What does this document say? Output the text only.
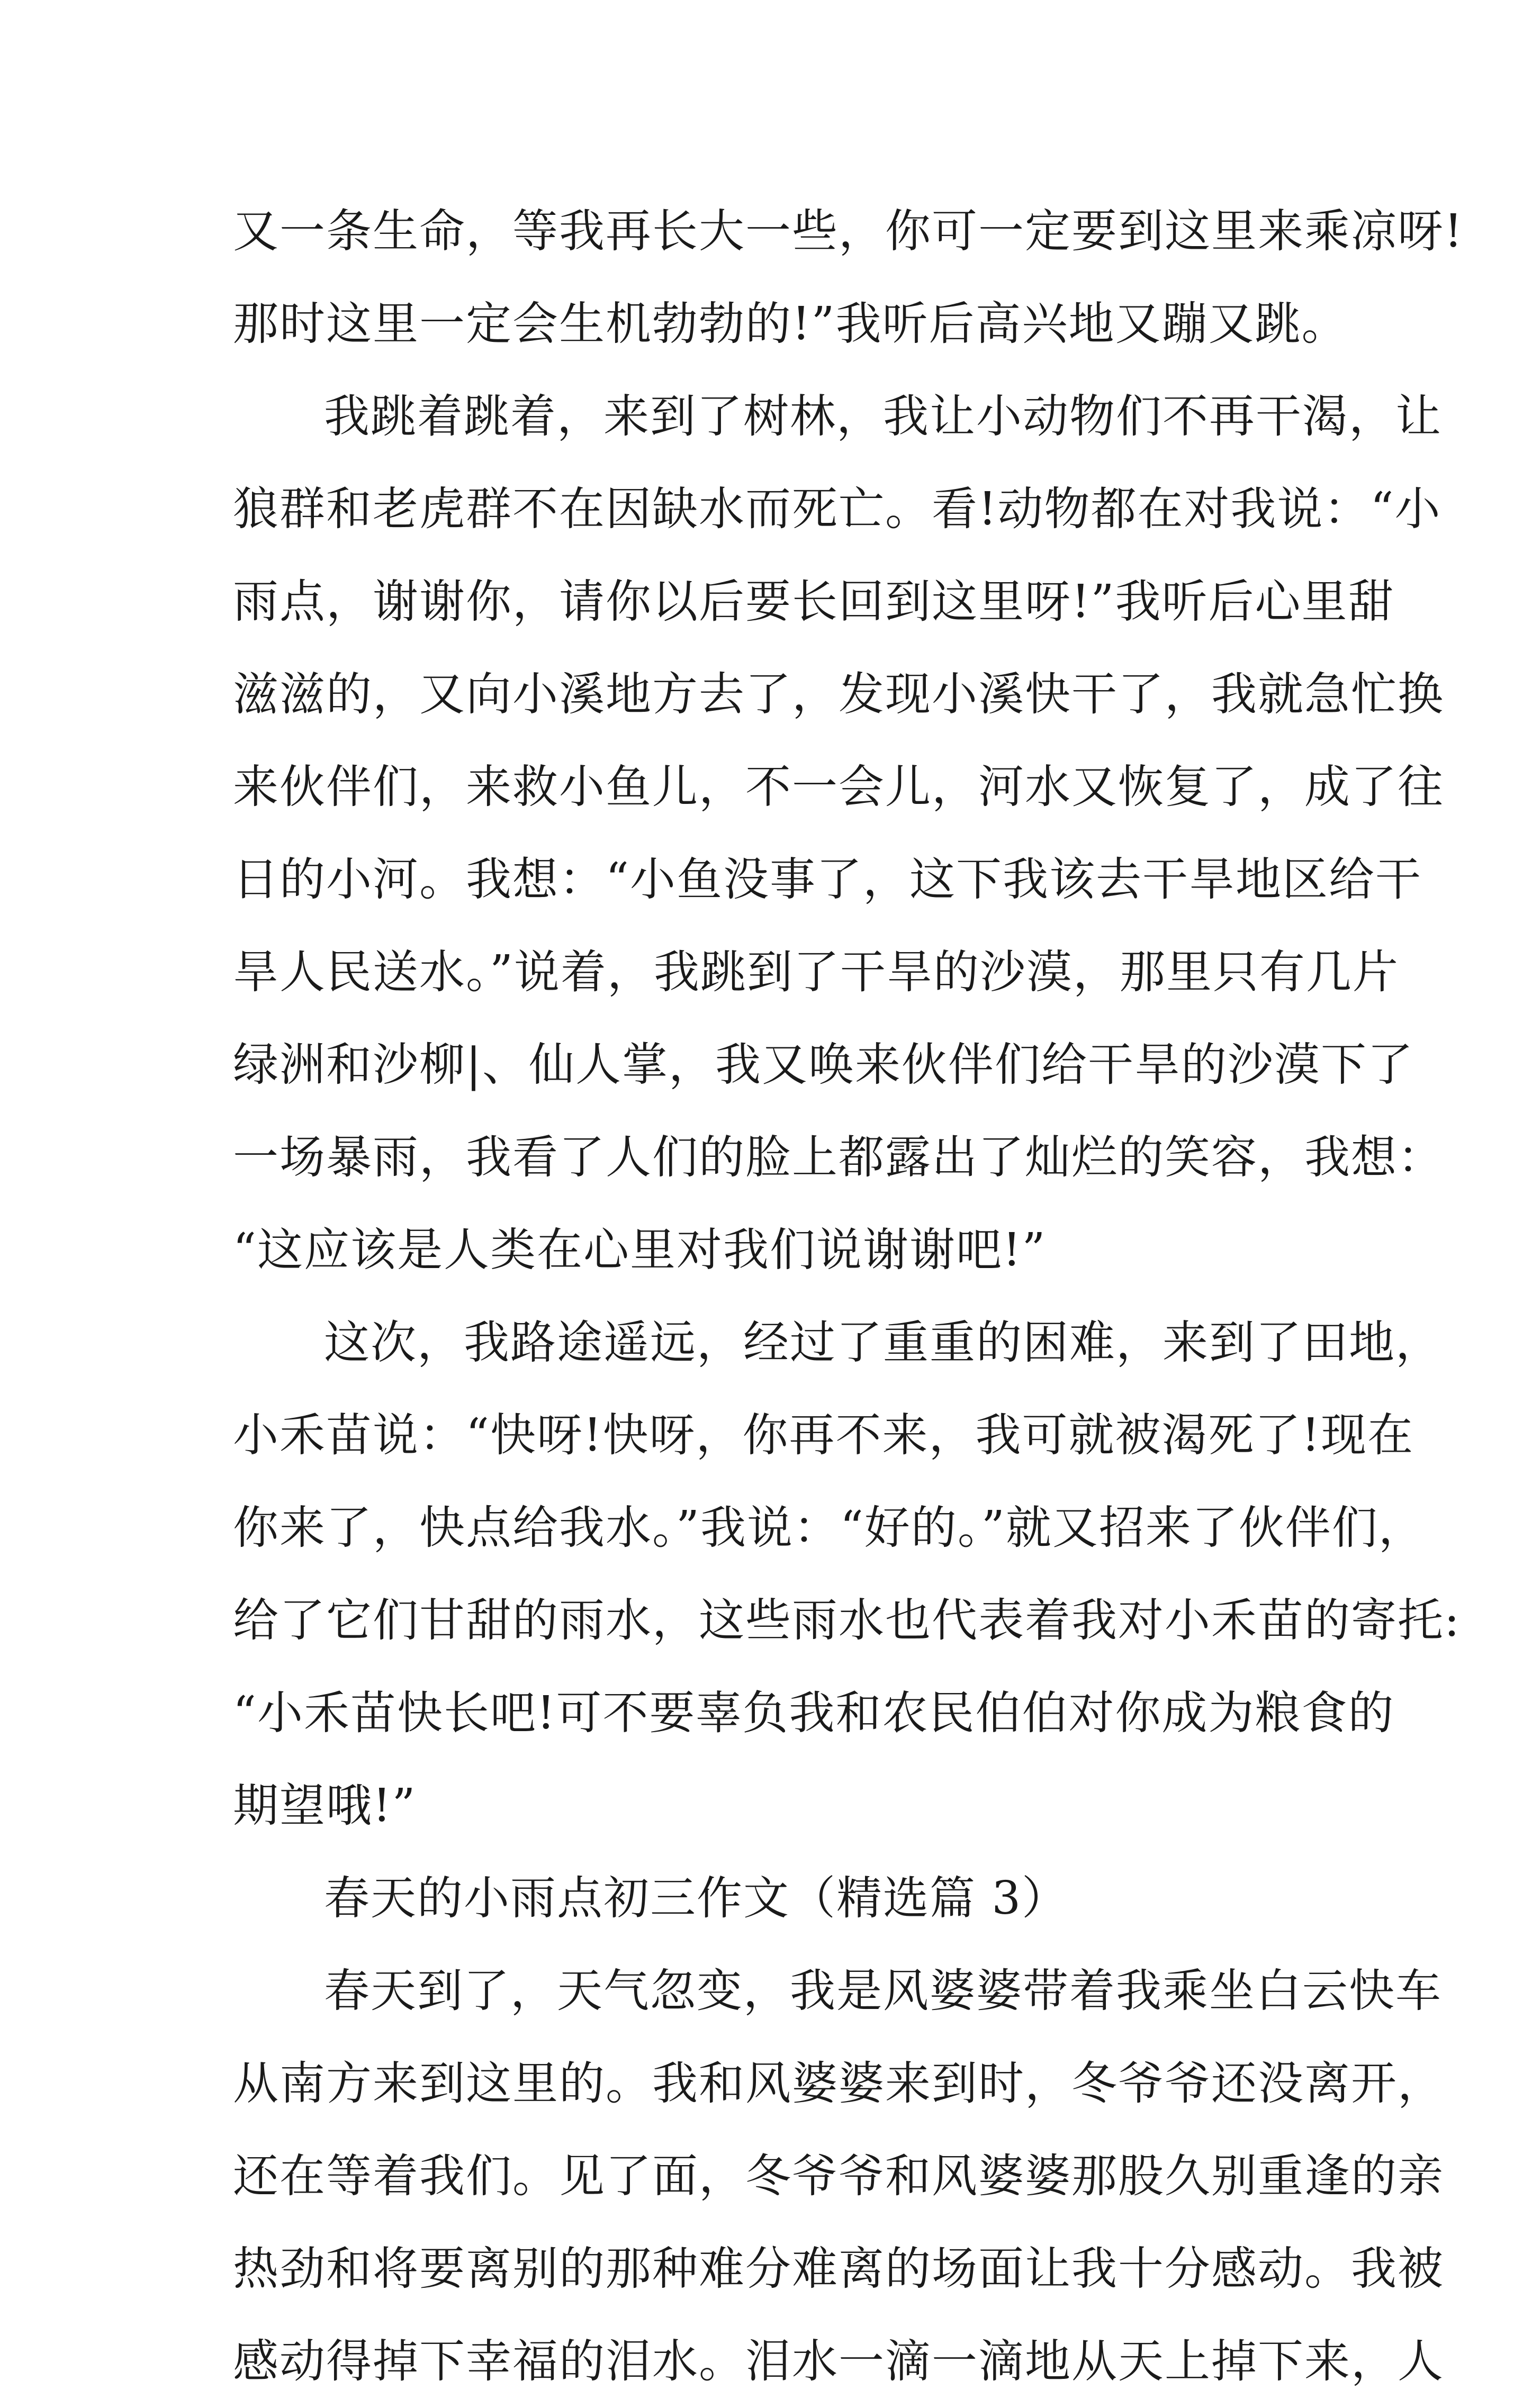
又一条生命，等我再长大一些，你可一定要到这里来乘凉呀!
那时这里一定会生机勃勃的!”我听后高兴地又蹦又跳。
我跳着跳着，来到了树林，我让小动物们不再干渴，让
狼群和老虎群不在因缺水而死亡。看!动物都在对我说：“小
雨点，谢谢你，请你以后要长回到这里呀!”我听后心里甜
滋滋的，又向小溪地方去了，发现小溪快干了，我就急忙换
来伙伴们，来救小鱼儿，不一会儿，河水又恢复了，成了往
日的小河。我想：“小鱼没事了，这下我该去干旱地区给干
旱人民送水。”说着，我跳到了干旱的沙漠，那里只有几片
绿洲和沙柳|、仙人掌，我又唤来伙伴们给干旱的沙漠下了
一场暴雨，我看了人们的脸上都露出了灿烂的笑容，我想：
“这应该是人类在心里对我们说谢谢吧!”
这次，我路途遥远，经过了重重的困难，来到了田地，
小禾苗说：“快呀!快呀，你再不来，我可就被渴死了!现在
你来了，快点给我水。”我说：“好的。”就又招来了伙伴们，
给了它们甘甜的雨水，这些雨水也代表着我对小禾苗的寄托:
“小禾苗快长吧!可不要辜负我和农民伯伯对你成为粮食的
期望哦!”
春天的小雨点初三作文（精选篇 3）
春天到了，天气忽变，我是风婆婆带着我乘坐白云快车
从南方来到这里的。我和风婆婆来到时，冬爷爷还没离开，
还在等着我们。见了面，冬爷爷和风婆婆那股久别重逢的亲
热劲和将要离别的那种难分难离的场面让我十分感动。我被
感动得掉下幸福的泪水。泪水一滴一滴地从天上掉下来，人
